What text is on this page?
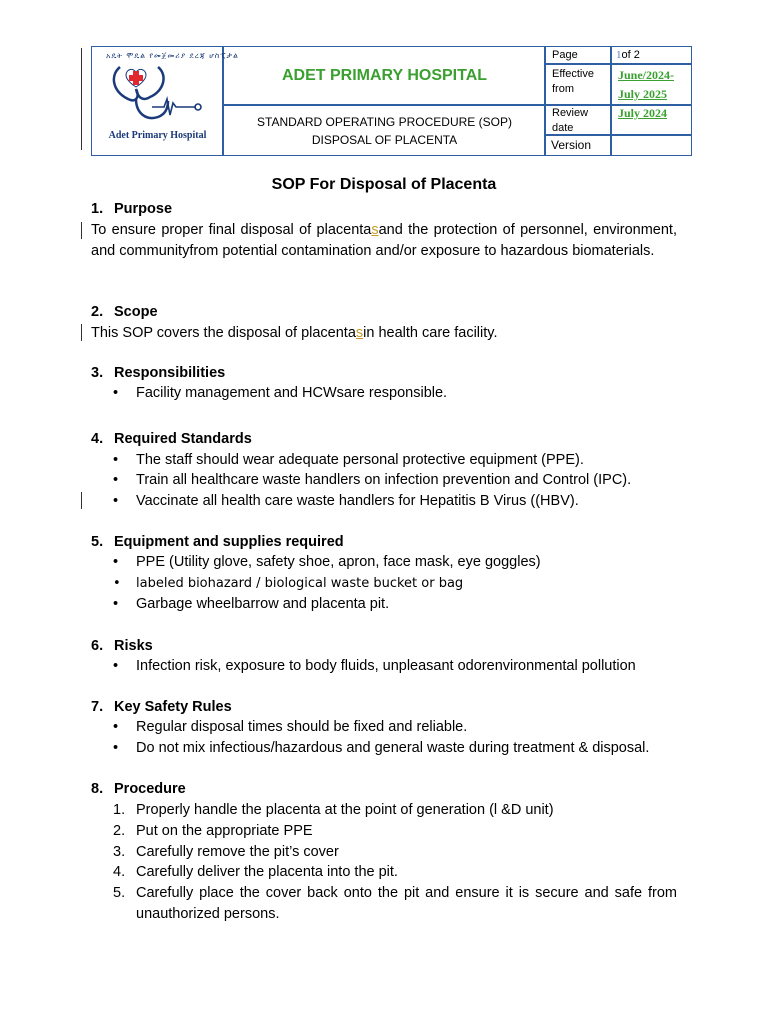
አዴት ሞዴል የመጀመሪያ ደረጃ ሆስፒታል
Adet Primary Hospital
ADET PRIMARY HOSPITAL
STANDARD OPERATING PROCEDURE (SOP)
DISPOSAL OF PLACENTA
Page	1of 2
Effective from
June/2024- July 2025
Review date
July 2024
Version
SOP For Disposal of Placenta
1. Purpose
To ensure proper final disposal of placentasand the protection of personnel, environment, and communityfrom potential contamination and/or exposure to hazardous biomaterials.
2. Scope
This SOP covers the disposal of placentasin health care facility.
3. Responsibilities
• Facility management and HCWsare responsible.
4. Required Standards
• The staff should wear adequate personal protective equipment (PPE).
• Train all healthcare waste handlers on infection prevention and Control (IPC).
• Vaccinate all health care waste handlers for Hepatitis B Virus ((HBV).
5. Equipment and supplies required
• PPE (Utility glove, safety shoe, apron, face mask, eye goggles)
• labeled biohazard / biological waste bucket or bag
• Garbage wheelbarrow and placenta pit.
6. Risks
• Infection risk, exposure to body fluids, unpleasant odorenvironmental pollution
7. Key Safety Rules
• Regular disposal times should be fixed and reliable.
• Do not mix infectious/hazardous and general waste during treatment & disposal.
8. Procedure
1. Properly handle the placenta at the point of generation (l &D unit)
2. Put on the appropriate PPE
3. Carefully remove the pit’s cover
4. Carefully deliver the placenta into the pit.
5. Carefully place the cover back onto the pit and ensure it is secure and safe from unauthorized persons.
